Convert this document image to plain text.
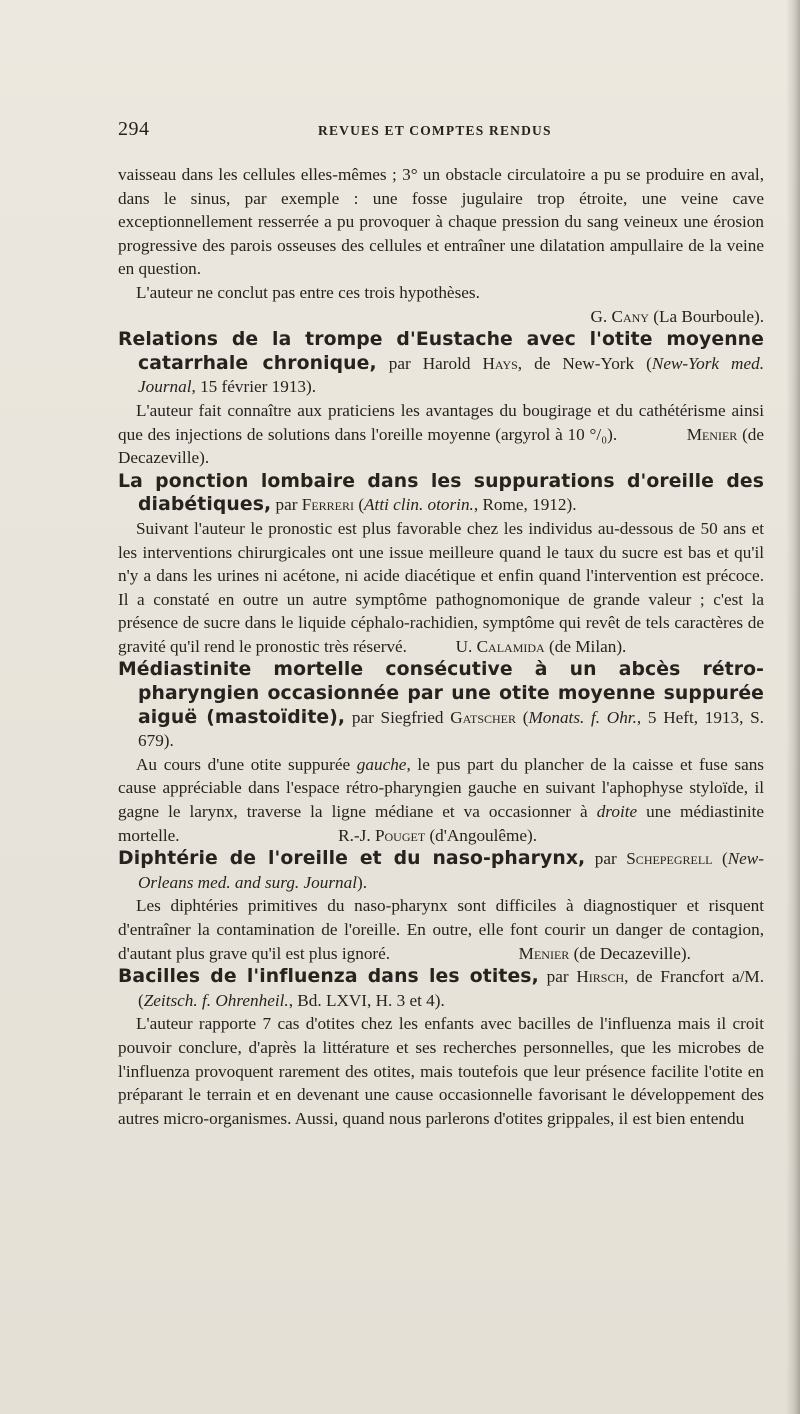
294	REVUES ET COMPTES RENDUS

vaisseau dans les cellules elles-mêmes ; 3° un obstacle circulatoire a pu se produire en aval, dans le sinus, par exemple : une fosse jugulaire trop étroite, une veine cave exceptionnellement resserrée a pu provoquer à chaque pression du sang veineux une érosion progressive des parois osseuses des cellules et entraîner une dilatation ampullaire de la veine en question.

L'auteur ne conclut pas entre ces trois hypothèses.

G. Cany (La Bourboule).

Relations de la trompe d'Eustache avec l'otite moyenne catarrhale chronique, par Harold Hays, de New-York (New-York med. Journal, 15 février 1913).

L'auteur fait connaître aux praticiens les avantages du bougirage et du cathétérisme ainsi que des injections de solutions dans l'oreille moyenne (argyrol à 10 °/₀).	Menier (de Decazeville).

La ponction lombaire dans les suppurations d'oreille des diabétiques, par Ferreri (Atti clin. otorin., Rome, 1912).

Suivant l'auteur le pronostic est plus favorable chez les individus au-dessous de 50 ans et les interventions chirurgicales ont une issue meilleure quand le taux du sucre est bas et qu'il n'y a dans les urines ni acétone, ni acide diacétique et enfin quand l'intervention est précoce. Il a constaté en outre un autre symptôme pathognomonique de grande valeur ; c'est la présence de sucre dans le liquide céphalo-rachidien, symptôme qui revêt de tels caractères de gravité qu'il rend le pronostic très réservé.	U. Calamida (de Milan).

Médiastinite mortelle consécutive à un abcès rétro-pharyngien occasionnée par une otite moyenne suppurée aiguë (mastoïdite), par Siegfried Gatscher (Monats. f. Ohr., 5 Heft, 1913, S. 679).

Au cours d'une otite suppurée gauche, le pus part du plancher de la caisse et fuse sans cause appréciable dans l'espace rétro-pharyngien gauche en suivant l'aphophyse styloïde, il gagne le larynx, traverse la ligne médiane et va occasionner à droite une médiastinite mortelle.	R.-J. Pouget (d'Angoulême).

Diphtérie de l'oreille et du naso-pharynx, par Schepegrell (New-Orleans med. and surg. Journal).

Les diphtéries primitives du naso-pharynx sont difficiles à diagnostiquer et risquent d'entraîner la contamination de l'oreille. En outre, elle font courir un danger de contagion, d'autant plus grave qu'il est plus ignoré.	Menier (de Decazeville).

Bacilles de l'influenza dans les otites, par Hirsch, de Francfort a/M. (Zeitsch. f. Ohrenheil., Bd. LXVI, H. 3 et 4).

L'auteur rapporte 7 cas d'otites chez les enfants avec bacilles de l'influenza mais il croit pouvoir conclure, d'après la littérature et ses recherches personnelles, que les microbes de l'influenza provoquent rarement des otites, mais toutefois que leur présence facilite l'otite en préparant le terrain et en devenant une cause occasionnelle favorisant le développement des autres micro-organismes. Aussi, quand nous parlerons d'otites grippales, il est bien entendu
